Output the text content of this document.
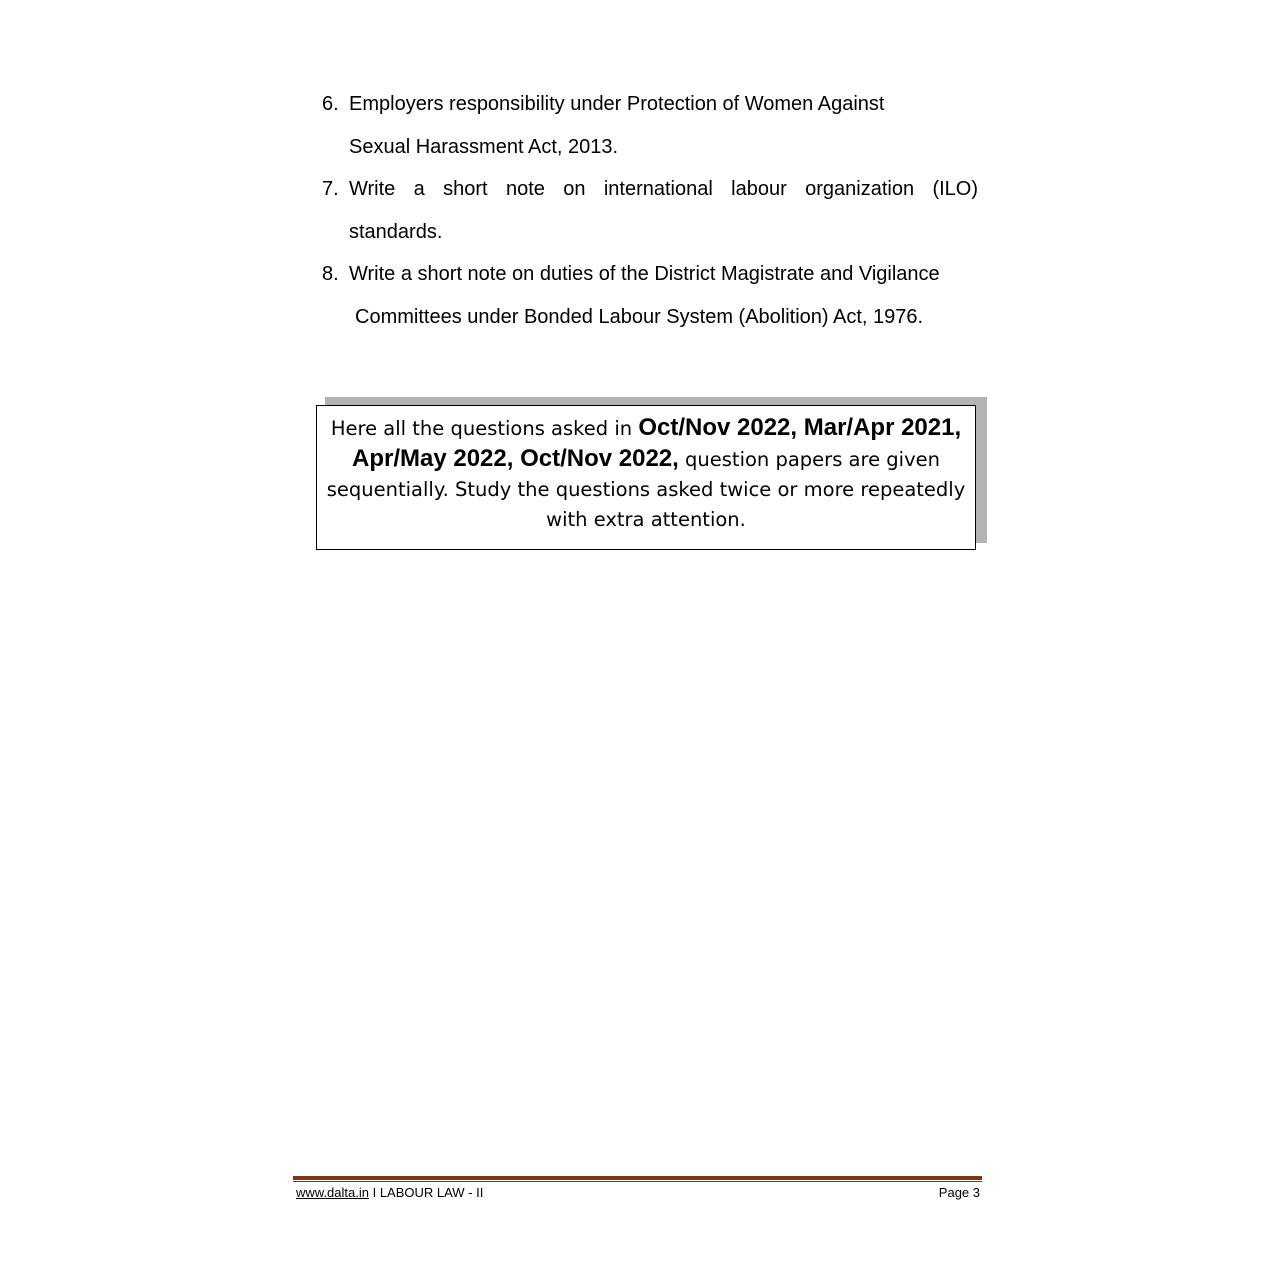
6. Employers responsibility under Protection of Women Against
Sexual Harassment Act, 2013.
7. Write a short note on international labour organization (ILO)
standards.
8. Write a short note on duties of the District Magistrate and Vigilance
Committees under Bonded Labour System (Abolition) Act, 1976.
Here all the questions asked in Oct/Nov 2022, Mar/Apr 2021, Apr/May 2022, Oct/Nov 2022, question papers are given sequentially. Study the questions asked twice or more repeatedly with extra attention.
www.dalta.in I LABOUR LAW - II	Page 3
